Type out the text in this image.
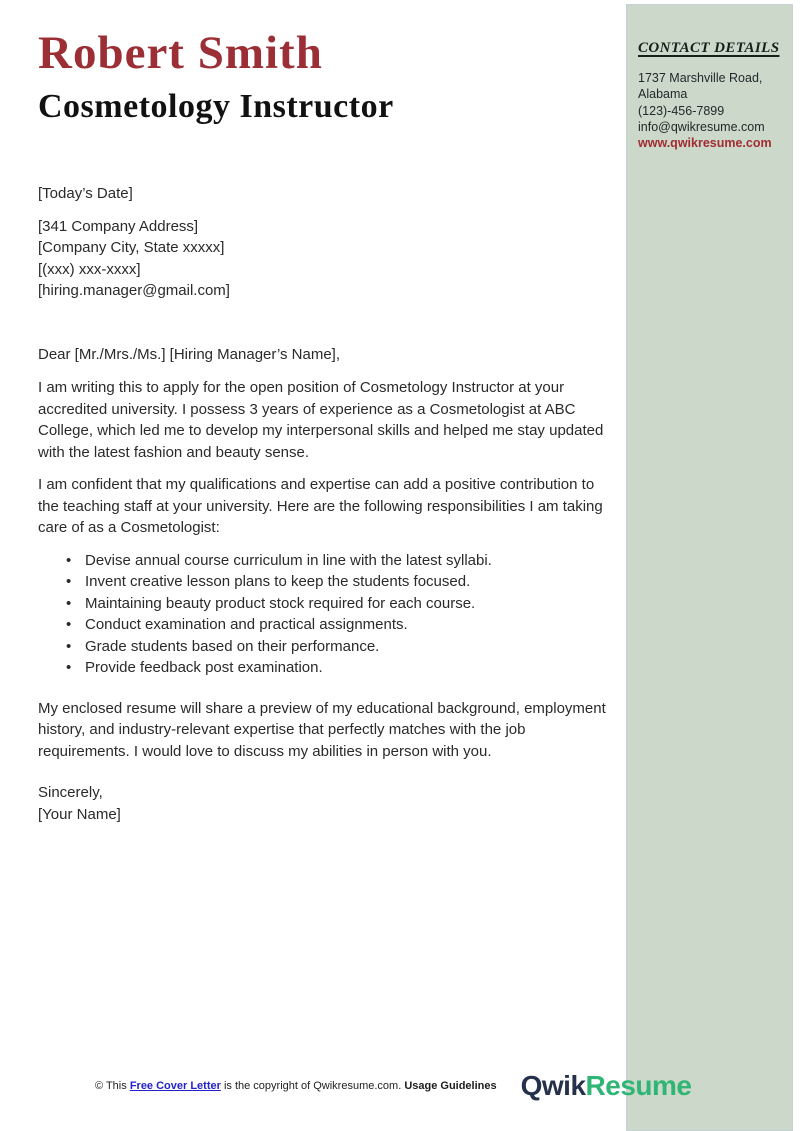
Robert Smith
Cosmetology Instructor
[Today’s Date]
[341 Company Address]
[Company City, State xxxxx]
[(xxx) xxx-xxxx]
[hiring.manager@gmail.com]
Dear [Mr./Mrs./Ms.] [Hiring Manager’s Name],

I am writing this to apply for the open position of Cosmetology Instructor at your accredited university. I possess 3 years of experience as a Cosmetologist at ABC College, which led me to develop my interpersonal skills and helped me stay updated with the latest fashion and beauty sense.

I am confident that my qualifications and expertise can add a positive contribution to the teaching staff at your university. Here are the following responsibilities I am taking care of as a Cosmetologist:

• Devise annual course curriculum in line with the latest syllabi.
• Invent creative lesson plans to keep the students focused.
• Maintaining beauty product stock required for each course.
• Conduct examination and practical assignments.
• Grade students based on their performance.
• Provide feedback post examination.

My enclosed resume will share a preview of my educational background, employment history, and industry-relevant expertise that perfectly matches with the job requirements. I would love to discuss my abilities in person with you.

Sincerely,
[Your Name]
CONTACT DETAILS
1737 Marshville Road,
Alabama
(123)-456-7899
info@qwikresume.com
www.qwikresume.com
© This Free Cover Letter is the copyright of Qwikresume.com. Usage Guidelines QwikResume
